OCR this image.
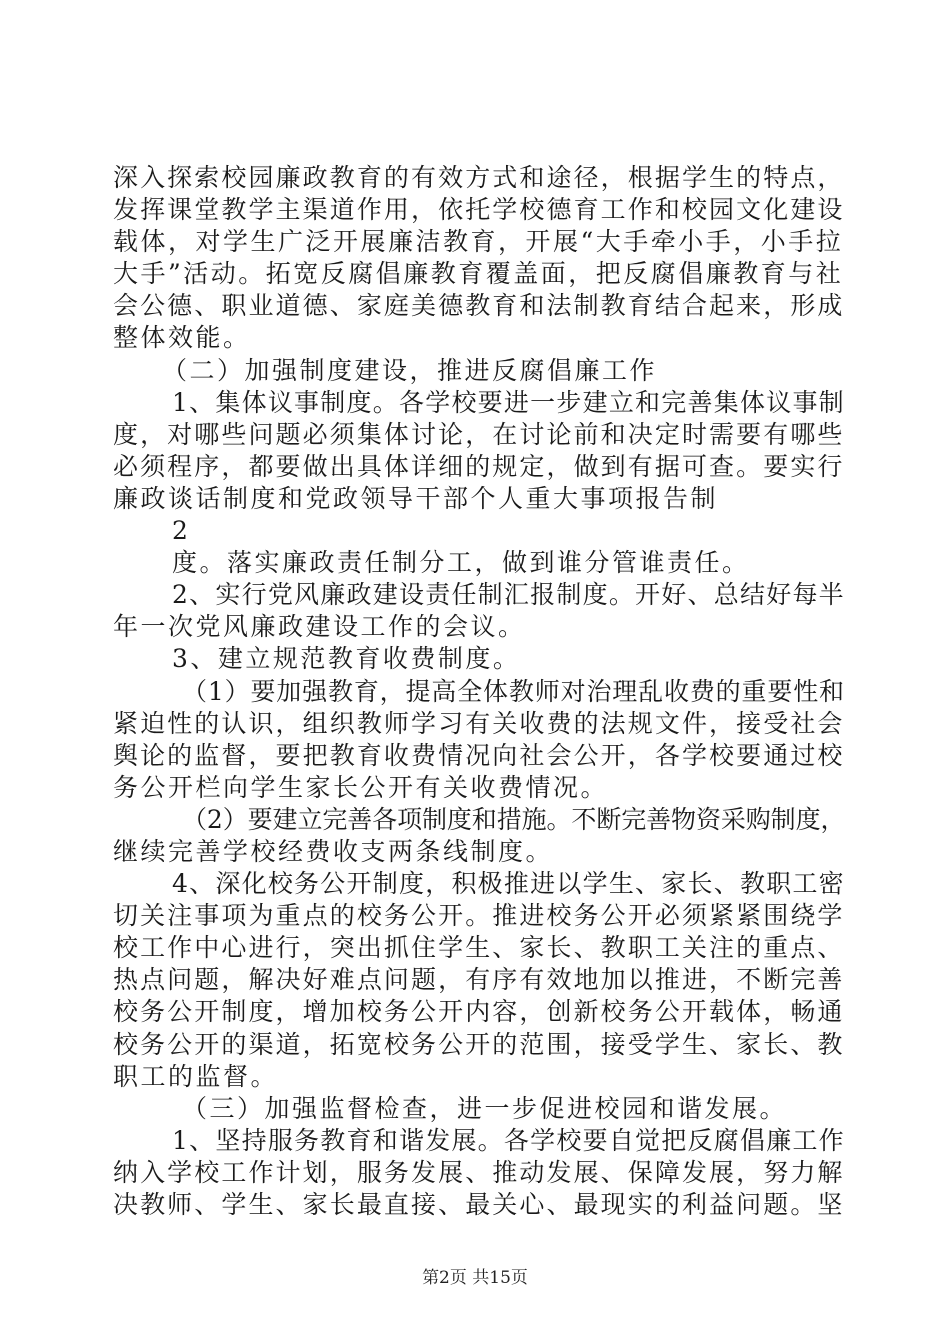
深入探索校园廉政教育的有效方式和途径，根据学生的特点，
发挥课堂教学主渠道作用，依托学校德育工作和校园文化建设
载体，对学生广泛开展廉洁教育，开展“大手牵小手，小手拉
大手”活动。拓宽反腐倡廉教育覆盖面，把反腐倡廉教育与社
会公德、职业道德、家庭美德教育和法制教育结合起来，形成
整体效能。
（二）加强制度建设，推进反腐倡廉工作
1、集体议事制度。各学校要进一步建立和完善集体议事制
度，对哪些问题必须集体讨论，在讨论前和决定时需要有哪些
必须程序，都要做出具体详细的规定，做到有据可查。要实行
廉政谈话制度和党政领导干部个人重大事项报告制
2
度。落实廉政责任制分工，做到谁分管谁责任。
2、实行党风廉政建设责任制汇报制度。开好、总结好每半
年一次党风廉政建设工作的会议。
3、建立规范教育收费制度。
（1）要加强教育，提高全体教师对治理乱收费的重要性和
紧迫性的认识，组织教师学习有关收费的法规文件，接受社会
舆论的监督，要把教育收费情况向社会公开，各学校要通过校
务公开栏向学生家长公开有关收费情况。
（2）要建立完善各项制度和措施。不断完善物资采购制度，
继续完善学校经费收支两条线制度。
4、深化校务公开制度，积极推进以学生、家长、教职工密
切关注事项为重点的校务公开。推进校务公开必须紧紧围绕学
校工作中心进行，突出抓住学生、家长、教职工关注的重点、
热点问题，解决好难点问题，有序有效地加以推进，不断完善
校务公开制度，增加校务公开内容，创新校务公开载体，畅通
校务公开的渠道，拓宽校务公开的范围，接受学生、家长、教
职工的监督。
（三）加强监督检查，进一步促进校园和谐发展。
1、坚持服务教育和谐发展。各学校要自觉把反腐倡廉工作
纳入学校工作计划，服务发展、推动发展、保障发展，努力解
决教师、学生、家长最直接、最关心、最现实的利益问题。坚
第2页 共15页
